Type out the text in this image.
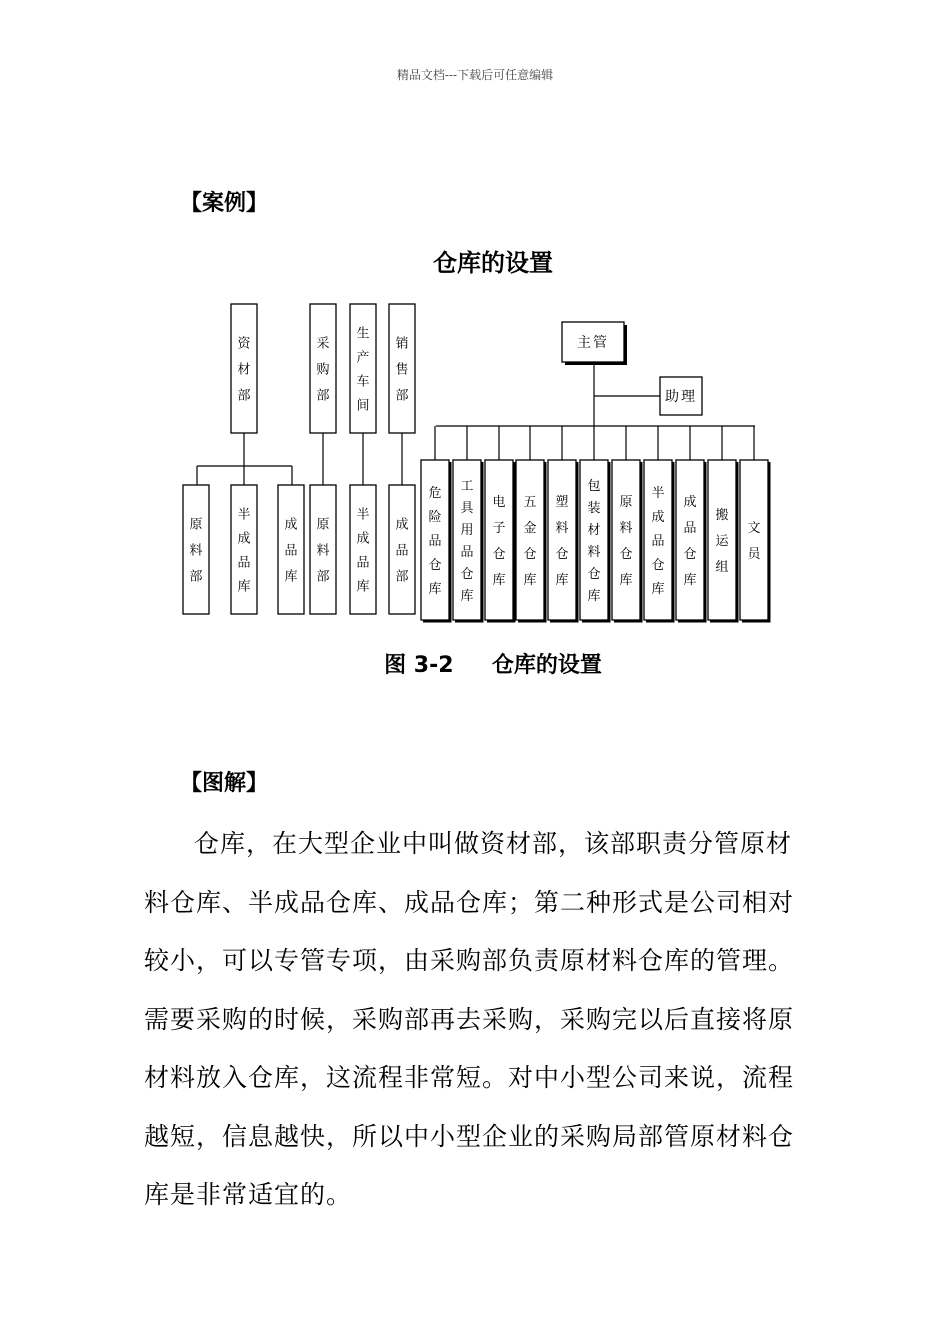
精品文档---下载后可任意编辑
【案例】
仓库的设置
资
材
部
采
购
部
生
产
车
间
销
售
部
原
料
部
半
成
品
库
成
品
库
原
料
部
半
成
品
库
成
品
部
主管
助理
危
险
品
仓
库
工
具
用
品
仓
库
电
子
仓
库
五
金
仓
库
塑
料
仓
库
包
装
材
料
仓
库
原
料
仓
库
半
成
品
仓
库
成
品
仓
库
搬
运
组
文
员
图 3-2     仓库的设置
【图解】

仓库，在大型企业中叫做资材部，该部职责分管原材料仓库、半成品仓库、成品仓库；第二种形式是公司相对较小，可以专管专项，由采购部负责原材料仓库的管理。需要采购的时候，采购部再去采购，采购完以后直接将原材料放入仓库，这流程非常短。对中小型公司来说，流程越短，信息越快，所以中小型企业的采购局部管原材料仓库是非常适宜的。
